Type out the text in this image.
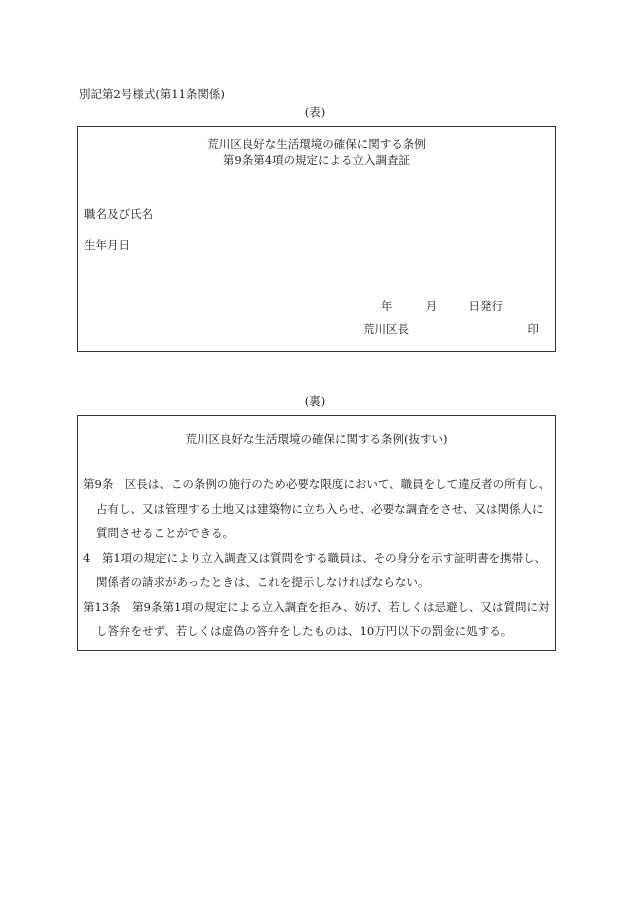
別記第2号様式(第11条関係)
(表)
荒川区良好な生活環境の確保に関する条例
第9条第4項の規定による立入調査証
職名及び氏名
生年月日
年	月	日発行
荒川区長	印
(裏)
荒川区良好な生活環境の確保に関する条例(抜すい)

第9条　区長は、この条例の施行のため必要な限度において、職員をして違反者の所有し、占有し、又は管理する土地又は建築物に立ち入らせ、必要な調査をさせ、又は関係人に質問させることができる。

4　第1項の規定により立入調査又は質問をする職員は、その身分を示す証明書を携帯し、関係者の請求があったときは、これを提示しなければならない。

第13条　第9条第1項の規定による立入調査を拒み、妨げ、若しくは忌避し、又は質問に対し答弁をせず、若しくは虚偽の答弁をしたものは、10万円以下の罰金に処する。
